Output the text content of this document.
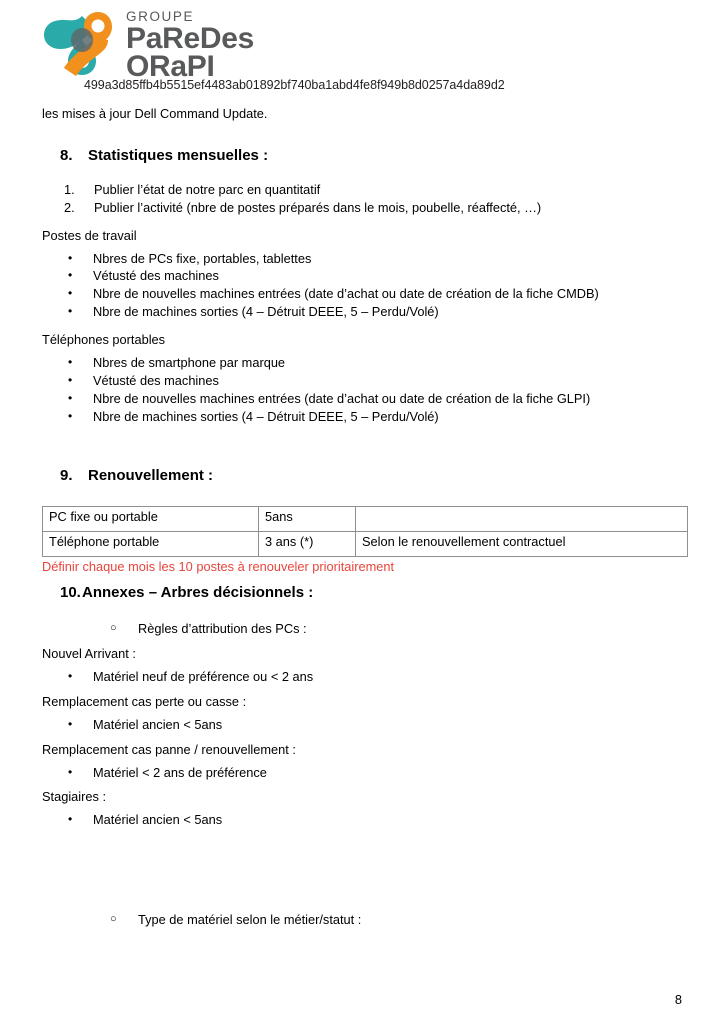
GROUPE
PaReDes
ORaPI
499a3d85ffb4b5515ef4483ab01892bf740ba1abd4fe8f949b8d0257a4da89d2

les mises à jour Dell Command Update.

8.	Statistiques mensuelles :
1.	Publier l’état de notre parc en quantitatif
2.	Publier l’activité (nbre de postes préparés dans le mois, poubelle, réaffecté, …)

Postes de travail

•	Nbres de PCs fixe, portables, tablettes
•	Vétusté des machines
•	Nbre de nouvelles machines entrées (date d’achat ou date de création de la fiche CMDB)
•	Nbre de machines sorties (4 – Détruit DEEE, 5 – Perdu/Volé)

Téléphones portables

•	Nbres de smartphone par marque
•	Vétusté des machines
•	Nbre de nouvelles machines entrées (date d’achat ou date de création de la fiche GLPI)
•	Nbre de machines sorties (4 – Détruit DEEE, 5 – Perdu/Volé)
9.	Renouvellement :
PC fixe ou portable	5ans	
Téléphone portable	3 ans (*)	Selon le renouvellement contractuel

Définir chaque mois les 10 postes à renouveler prioritairement

10. Annexes – Arbres décisionnels :
○	Règles d’attribution des PCs :

Nouvel Arrivant :

•	Matériel neuf de préférence ou < 2 ans

Remplacement cas perte ou casse :

•	Matériel ancien < 5ans

Remplacement cas panne / renouvellement :

•	Matériel < 2 ans de préférence

Stagiaires :

•	Matériel ancien < 5ans
○	Type de matériel selon le métier/statut :
8
